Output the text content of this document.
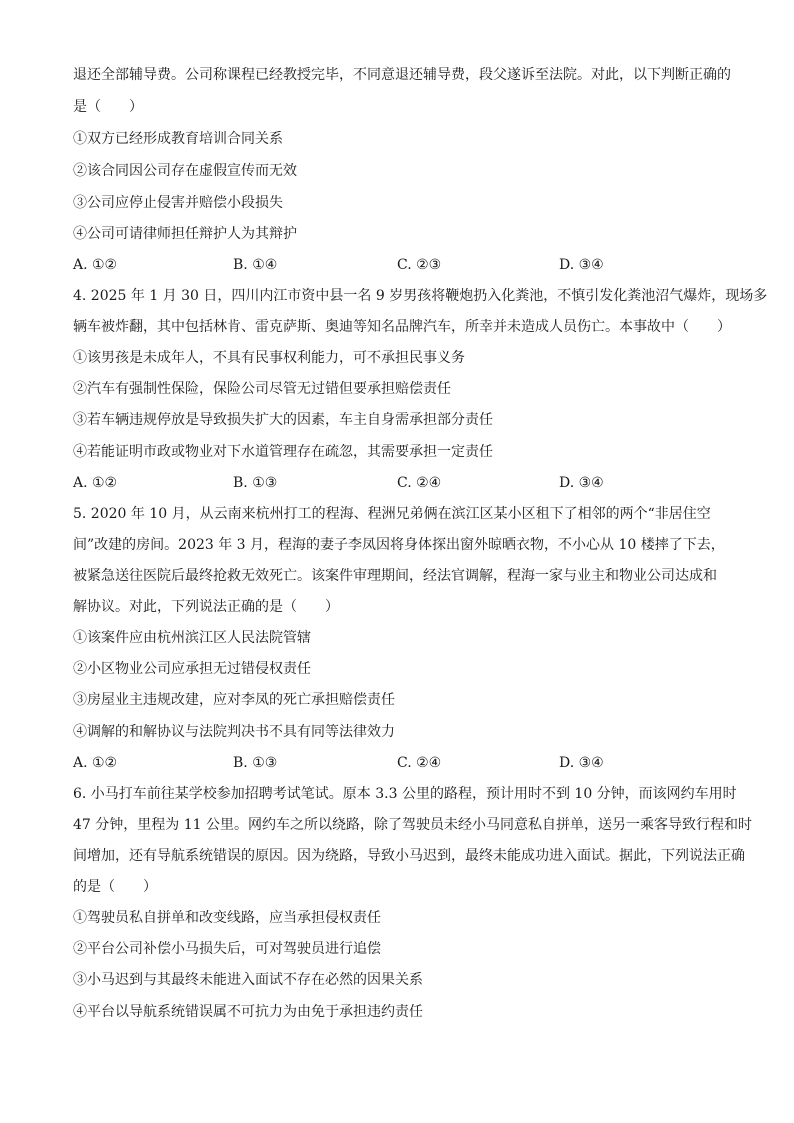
退还全部辅导费。公司称课程已经教授完毕，不同意退还辅导费，段父遂诉至法院。对此，以下判断正确的
是（　　）
①双方已经形成教育培训合同关系
②该合同因公司存在虚假宣传而无效
③公司应停止侵害并赔偿小段损失
④公司可请律师担任辩护人为其辩护
A. ①②	B. ①④	C. ②③	D. ③④
4. 2025 年 1 月 30 日，四川内江市资中县一名 9 岁男孩将鞭炮扔入化粪池，不慎引发化粪池沼气爆炸，现场多
辆车被炸翻，其中包括林肯、雷克萨斯、奥迪等知名品牌汽车，所幸并未造成人员伤亡。本事故中（　　）
①该男孩是未成年人，不具有民事权利能力，可不承担民事义务
②汽车有强制性保险，保险公司尽管无过错但要承担赔偿责任
③若车辆违规停放是导致损失扩大的因素，车主自身需承担部分责任
④若能证明市政或物业对下水道管理存在疏忽，其需要承担一定责任
A. ①②	B. ①③	C. ②④	D. ③④
5. 2020 年 10 月，从云南来杭州打工的程海、程洲兄弟俩在滨江区某小区租下了相邻的两个“非居住空
间”改建的房间。2023 年 3 月，程海的妻子李凤因将身体探出窗外晾晒衣物，不小心从 10 楼摔了下去，
被紧急送往医院后最终抢救无效死亡。该案件审理期间，经法官调解，程海一家与业主和物业公司达成和
解协议。对此，下列说法正确的是（　　）
①该案件应由杭州滨江区人民法院管辖
②小区物业公司应承担无过错侵权责任
③房屋业主违规改建，应对李凤的死亡承担赔偿责任
④调解的和解协议与法院判决书不具有同等法律效力
A. ①②	B. ①③	C. ②④	D. ③④
6. 小马打车前往某学校参加招聘考试笔试。原本 3.3 公里的路程，预计用时不到 10 分钟，而该网约车用时
47 分钟，里程为 11 公里。网约车之所以绕路，除了驾驶员未经小马同意私自拼单，送另一乘客导致行程和时
间增加，还有导航系统错误的原因。因为绕路，导致小马迟到，最终未能成功进入面试。据此，下列说法正确
的是（　　）
①驾驶员私自拼单和改变线路，应当承担侵权责任
②平台公司补偿小马损失后，可对驾驶员进行追偿
③小马迟到与其最终未能进入面试不存在必然的因果关系
④平台以导航系统错误属不可抗力为由免于承担违约责任
